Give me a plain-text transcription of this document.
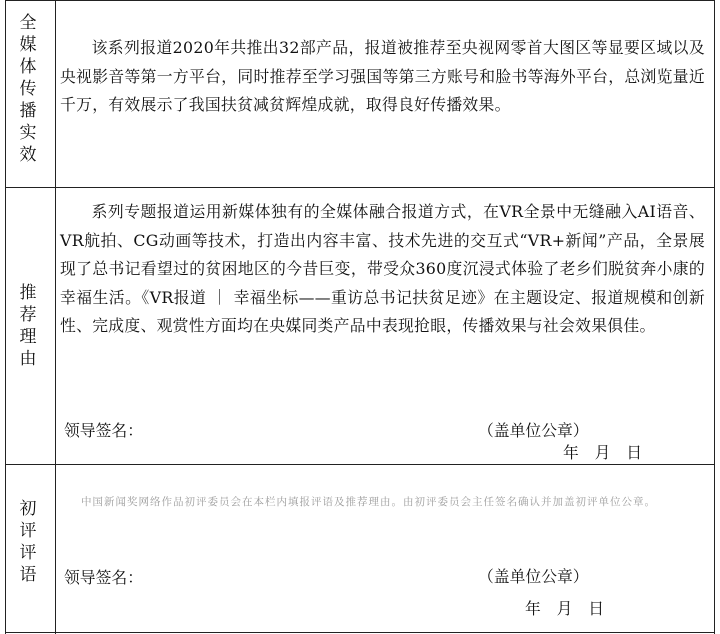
全
媒
体
传
播
实
效
该系列报道2020年共推出32部产品，报道被推荐至央视网零首大图区等显要区域以及央视影音等第一方平台，同时推荐至学习强国等第三方账号和脸书等海外平台，总浏览量近千万，有效展示了我国扶贫减贫辉煌成就，取得良好传播效果。
推
荐
理
由
系列专题报道运用新媒体独有的全媒体融合报道方式，在VR全景中无缝融入AI语音、VR航拍、CG动画等技术，打造出内容丰富、技术先进的交互式“VR+新闻”产品，全景展现了总书记看望过的贫困地区的今昔巨变，带受众360度沉浸式体验了老乡们脱贫奔小康的幸福生活。《VR报道 ｜ 幸福坐标——重访总书记扶贫足迹》在主题设定、报道规模和创新性、完成度、观赏性方面均在央媒同类产品中表现抢眼，传播效果与社会效果俱佳。
领导签名：	（盖单位公章）
年　月　日
初
评
评
语
中国新闻奖网络作品初评委员会在本栏内填报评语及推荐理由。由初评委员会主任签名确认并加盖初评单位公章。
领导签名：	（盖单位公章）
年　月　日
